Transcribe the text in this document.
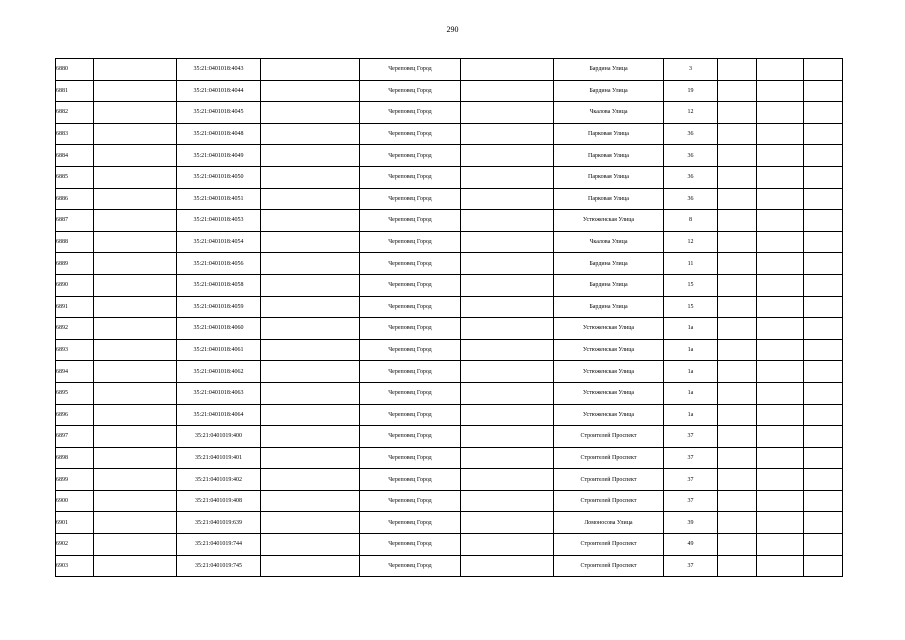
290
6880		35:21:0401018:4043		Череповец Город		Бардина Улица	3			
6881		35:21:0401018:4044		Череповец Город		Бардина Улица	19			
6882		35:21:0401018:4045		Череповец Город		Чкалова Улица	12			
6883		35:21:0401018:4048		Череповец Город		Парковая Улица	36			
6884		35:21:0401018:4049		Череповец Город		Парковая Улица	36			
6885		35:21:0401018:4050		Череповец Город		Парковая Улица	36			
6886		35:21:0401018:4051		Череповец Город		Парковая Улица	36			
6887		35:21:0401018:4053		Череповец Город		Устюженская Улица	8			
6888		35:21:0401018:4054		Череповец Город		Чкалова Улица	12			
6889		35:21:0401018:4056		Череповец Город		Бардина Улица	11			
6890		35:21:0401018:4058		Череповец Город		Бардина Улица	15			
6891		35:21:0401018:4059		Череповец Город		Бардина Улица	15			
6892		35:21:0401018:4060		Череповец Город		Устюженская Улица	1а			
6893		35:21:0401018:4061		Череповец Город		Устюженская Улица	1а			
6894		35:21:0401018:4062		Череповец Город		Устюженская Улица	1а			
6895		35:21:0401018:4063		Череповец Город		Устюженская Улица	1а			
6896		35:21:0401018:4064		Череповец Город		Устюженская Улица	1а			
6897		35:21:0401019:400		Череповец Город		Строителей Проспект	37			
6898		35:21:0401019:401		Череповец Город		Строителей Проспект	37			
6899		35:21:0401019:402		Череповец Город		Строителей Проспект	37			
6900		35:21:0401019:408		Череповец Город		Строителей Проспект	37			
6901		35:21:0401019:639		Череповец Город		Ломоносова Улица	39			
6902		35:21:0401019:744		Череповец Город		Строителей Проспект	49			
6903		35:21:0401019:745		Череповец Город		Строителей Проспект	37			
